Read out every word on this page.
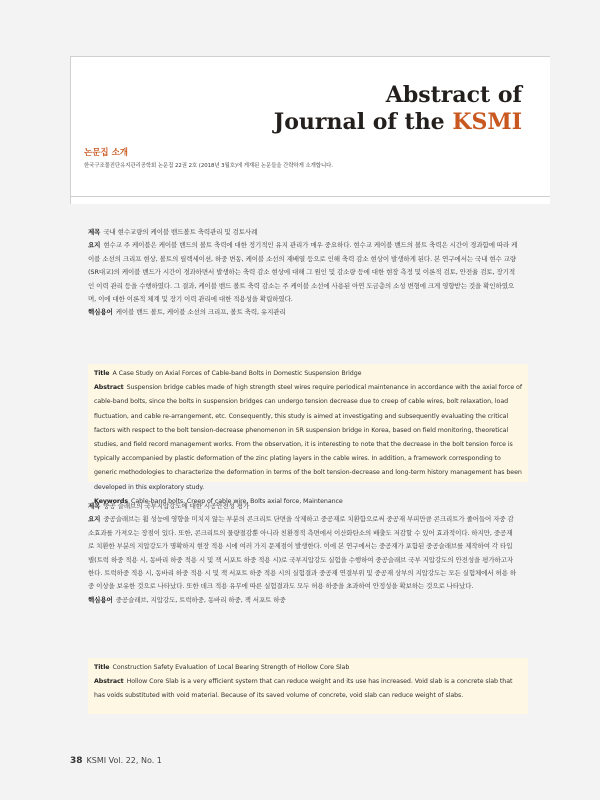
Abstract of
Journal of the KSMI
논문집 소개
한국구조물진단유지관리공학회 논문집 22권 2호 (2018년 3월호)에 게재된 논문들을 간략하게 소개합니다.

제목 국내 현수교량의 케이블 밴드볼트 축력관리 및 검토사례

요지 현수교 주 케이블은 케이블 밴드의 볼트 축력에 대한 정기적인 유지 관리가 매우 중요하다. 현수교 케이블 밴드의 볼트 축력은 시간이 경과함에 따라 케이블 소선의 크리프 현상, 볼트의 릴렉세이션, 하중 변동, 케이블 소선의 재배열 등으로 인해 축력 감소 현상이 발생하게 된다. 본 연구에서는 국내 현수 교량(SR대교)의 케이블 밴드가 시간이 경과하면서 발생하는 축력 감소 현상에 대해 그 원인 및 감소량 등에 대한 현장 측정 및 이론적 검토, 안전율 검토, 장기적인 이력 관리 등을 수행하였다. 그 결과, 케이블 밴드 볼트 축력 감소는 주 케이블 소선에 사용된 아연 도금층의 소성 변형에 크게 영향받는 것을 확인하였으며, 이에 대한 이론적 체계 및 장기 이력 관리에 대한 적용성을 확립하였다.

핵심용어 케이블 밴드 볼트, 케이블 소선의 크리프, 볼트 축력, 유지관리

Title A Case Study on Axial Forces of Cable-band Bolts in Domestic Suspension Bridge

Abstract Suspension bridge cables made of high strength steel wires require periodical maintenance in accordance with the axial force of cable-band bolts, since the bolts in suspension bridges can undergo tension decrease due to creep of cable wires, bolt relaxation, load fluctuation, and cable re-arrangement, etc. Consequently, this study is aimed at investigating and subsequently evaluating the critical factors with respect to the bolt tension-decrease phenomenon in SR suspension bridge in Korea, based on field monitoring, theoretical studies, and field record management works. From the observation, it is interesting to note that the decrease in the bolt tension force is typically accompanied by plastic deformation of the zinc plating layers in the cable wires. In addition, a framework corresponding to generic methodologies to characterize the deformation in terms of the bolt tension-decrease and long-term history management has been developed in this exploratory study.

Keywords Cable-band bolts, Creep of cable wire, Bolts axial force, Maintenance

제목 중공 슬래브의 국부지압강도에 대한 시공안전성 평가

요지 중공슬래브는 휨 성능에 영향을 미치지 않는 부분의 콘크리트 단면을 삭제하고 중공재로 치환함으로써 중공재 부피만큼 콘크리트가 줄어들어 자중 감소효과를 가져오는 장점이 있다. 또한, 콘크리트의 물량절감뿐 아니라 친환경적 측면에서 이산화탄소의 배출도 저감할 수 있어 효과적이다. 하지만, 중공재로 치환한 부분의 지압강도가 명확하지 현장 적용 시에 여러 가지 문제점이 발생한다. 이에 본 연구에서는 중공재가 포함된 중공슬래브를 제작하여 각 타입별(트럭 하중 적용 시, 동바리 하중 적용 시 및 잭 서포트 하중 적용 시)로 국부지압강도 실험을 수행하여 중공슬래브 국부 지압강도의 안전성을 평가하고자 한다. 트럭하중 적용 시, 동바리 하중 적용 시 및 잭 서포트 하중 적용 시의 실험결과 중공재 연결부위 및 중공재 상부의 지압강도는 모든 실험체에서 허용 하중 이상을 보유한 것으로 나타났다. 또한 데크 적용 유무에 따른 실험결과도 모두 허용 하중을 초과하여 안정성을 확보하는 것으로 나타났다.

핵심용어 중공슬래브, 지압강도, 트럭하중, 동바리 하중, 잭 서포트 하중

Title Construction Safety Evaluation of Local Bearing Strength of Hollow Core Slab

Abstract Hollow Core Slab is a very efficient system that can reduce weight and its use has increased. Void slab is a concrete slab that has voids substituted with void material. Because of its saved volume of concrete, void slab can reduce weight of slabs.

38 KSMI Vol. 22, No. 1
